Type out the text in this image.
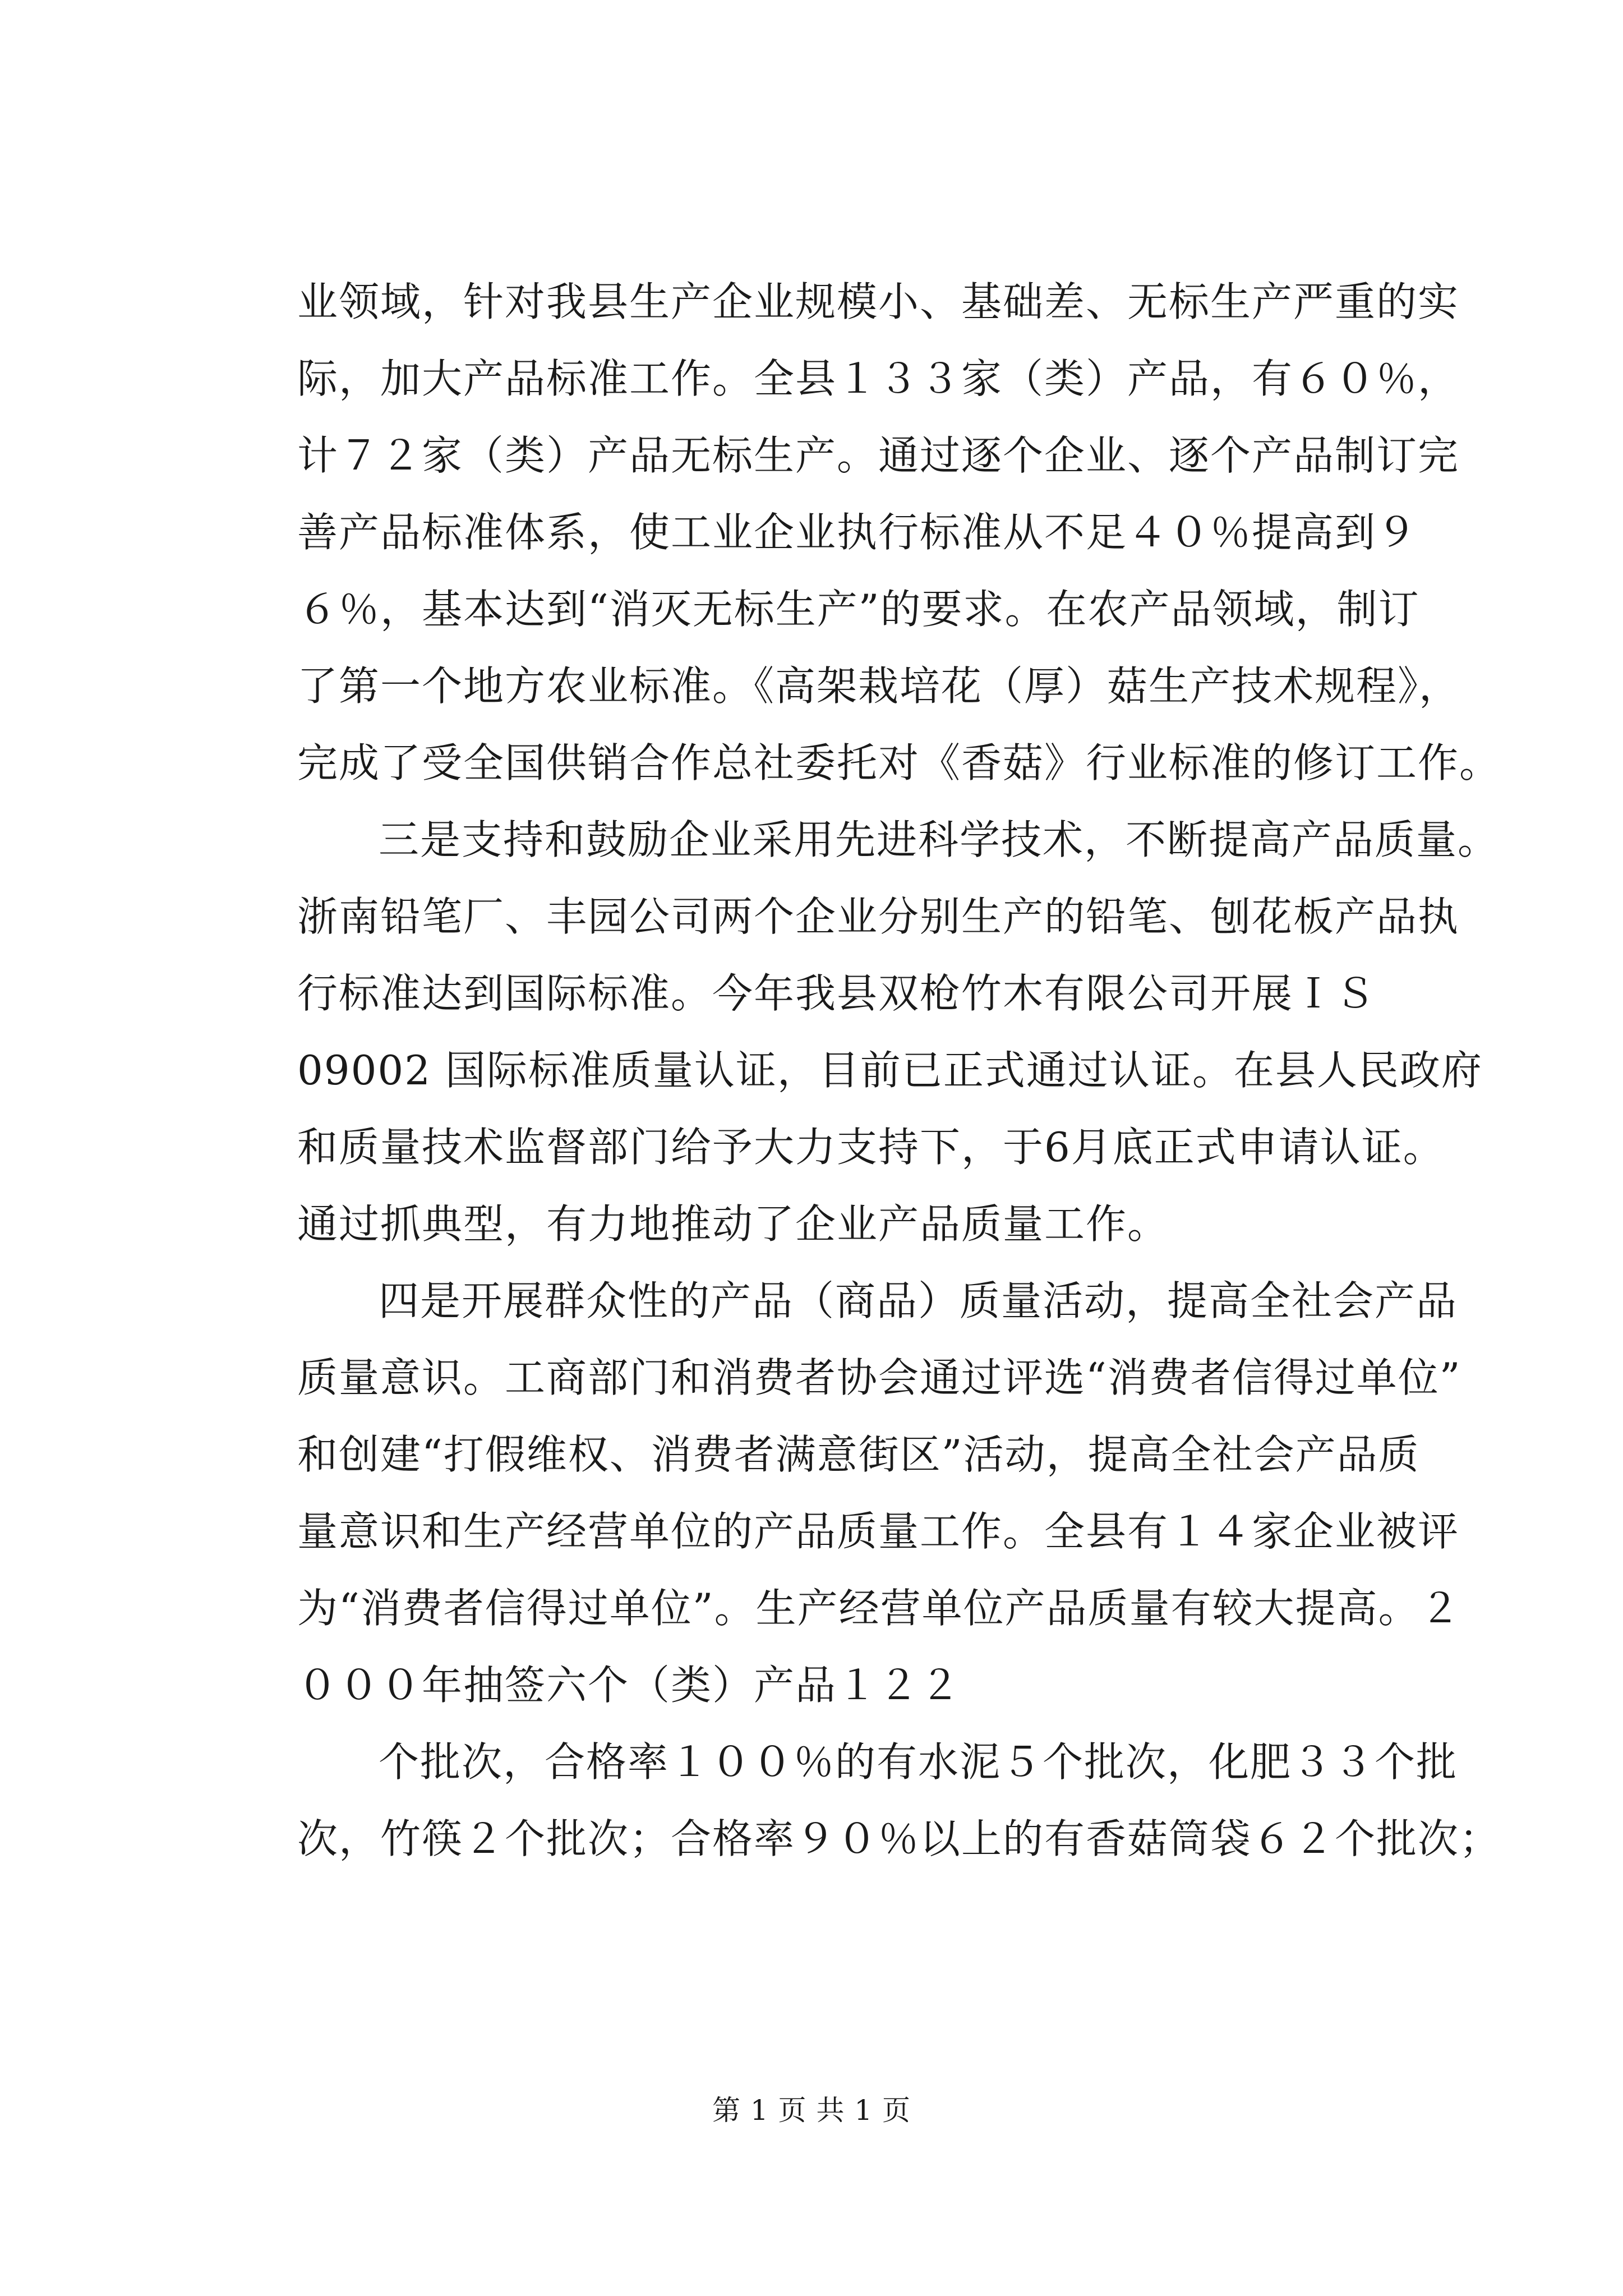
业领域，针对我县生产企业规模小、基础差、无标生产严重的实
际，加大产品标准工作。全县１３３家（类）产品，有６０％，
计７２家（类）产品无标生产。通过逐个企业、逐个产品制订完
善产品标准体系，使工业企业执行标准从不足４０％提高到９
６％，基本达到“消灭无标生产”的要求。在农产品领域，制订
了第一个地方农业标准。《高架栽培花（厚）菇生产技术规程》，
完成了受全国供销合作总社委托对《香菇》行业标准的修订工作。

三是支持和鼓励企业采用先进科学技术，不断提高产品质量。
浙南铅笔厂、丰园公司两个企业分别生产的铅笔、刨花板产品执
行标准达到国际标准。今年我县双枪竹木有限公司开展ＩＳ
09002 国际标准质量认证，目前已正式通过认证。在县人民政府
和质量技术监督部门给予大力支持下，于6月底正式申请认证。
通过抓典型，有力地推动了企业产品质量工作。

四是开展群众性的产品（商品）质量活动，提高全社会产品
质量意识。工商部门和消费者协会通过评选“消费者信得过单位”
和创建“打假维权、消费者满意街区”活动，提高全社会产品质
量意识和生产经营单位的产品质量工作。全县有１４家企业被评
为“消费者信得过单位”。生产经营单位产品质量有较大提高。２
０００年抽签六个（类）产品１２２

个批次，合格率１００％的有水泥５个批次，化肥３３个批
次，竹筷２个批次；合格率９０％以上的有香菇筒袋６２个批次；

第 1 页 共 1 页
